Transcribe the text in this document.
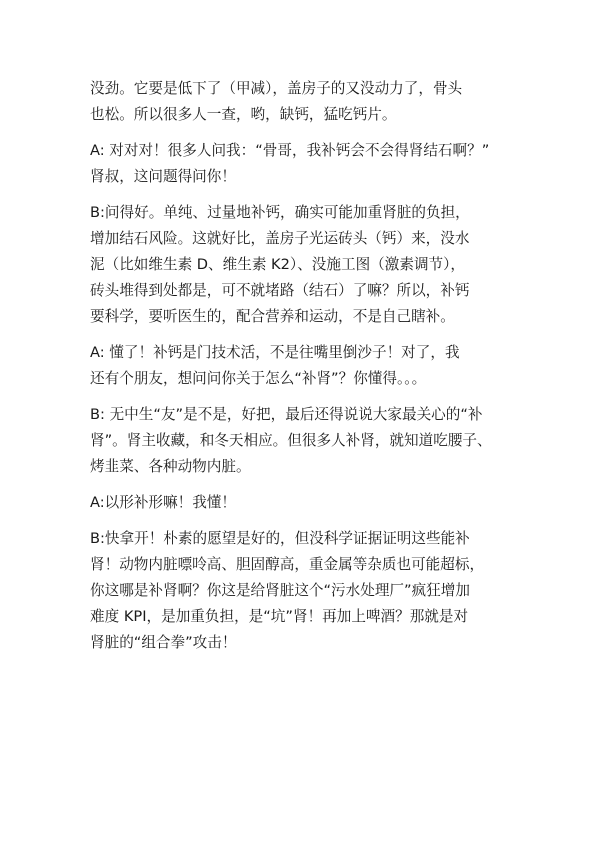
没劲。它要是低下了（甲减），盖房子的又没动力了，骨头
也松。所以很多人一查，哟，缺钙，猛吃钙片。

A: 对对对！很多人问我：“骨哥，我补钙会不会得肾结石啊？”
肾叔，这问题得问你！

B:问得好。单纯、过量地补钙，确实可能加重肾脏的负担，
增加结石风险。这就好比，盖房子光运砖头（钙）来，没水
泥（比如维生素 D、维生素 K2）、没施工图（激素调节），
砖头堆得到处都是，可不就堵路（结石）了嘛？所以，补钙
要科学，要听医生的，配合营养和运动，不是自己瞎补。

A: 懂了！补钙是门技术活，不是往嘴里倒沙子！对了，我
还有个朋友，想问问你关于怎么“补肾”？你懂得。。。

B: 无中生“友”是不是，好把，最后还得说说大家最关心的“补
肾”。肾主收藏，和冬天相应。但很多人补肾，就知道吃腰子、
烤韭菜、各种动物内脏。

A:以形补形嘛！我懂！

B:快拿开！朴素的愿望是好的，但没科学证据证明这些能补
肾！动物内脏嘌呤高、胆固醇高，重金属等杂质也可能超标，
你这哪是补肾啊？你这是给肾脏这个“污水处理厂”疯狂增加
难度 KPI，是加重负担，是“坑”肾！再加上啤酒？那就是对
肾脏的“组合拳”攻击！
